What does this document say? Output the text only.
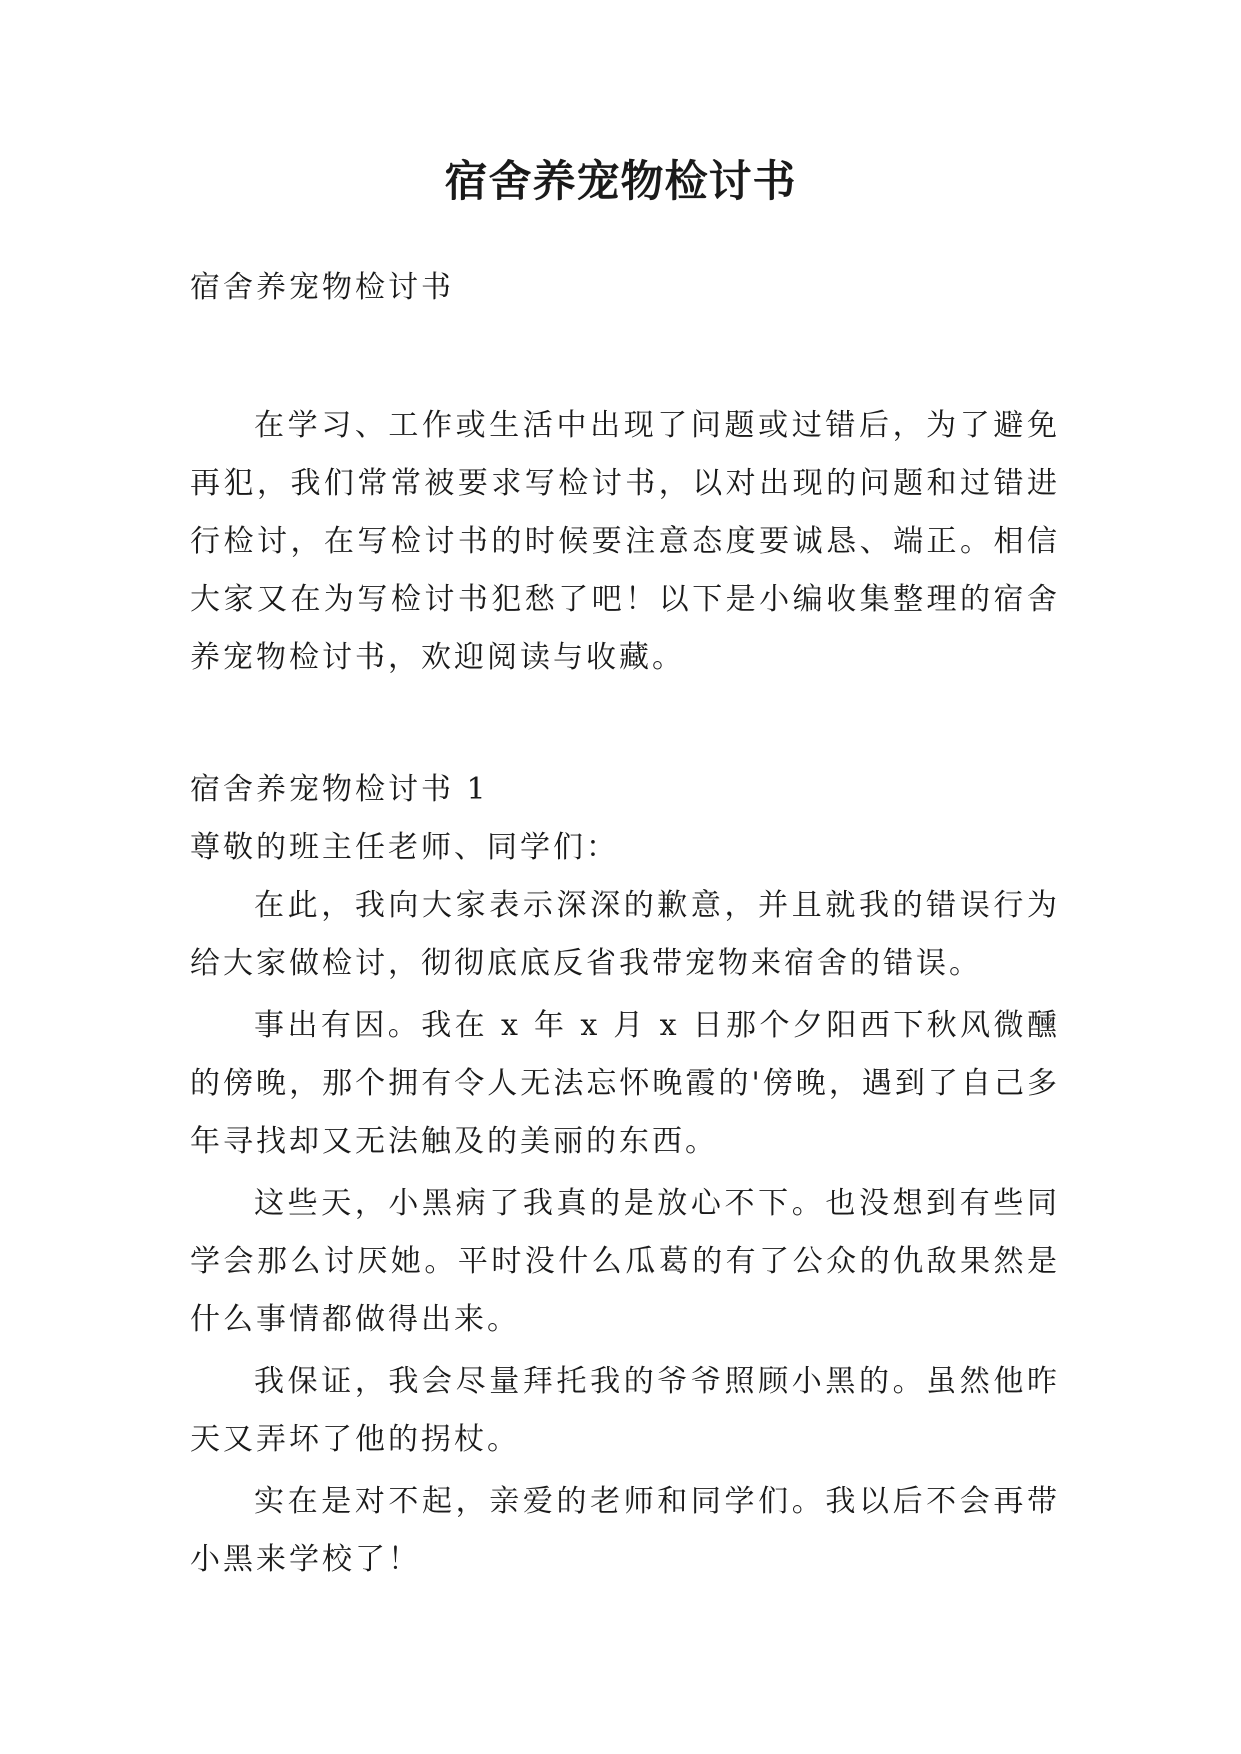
宿舍养宠物检讨书

宿舍养宠物检讨书

在学习、工作或生活中出现了问题或过错后，为了避免再犯，我们常常被要求写检讨书，以对出现的问题和过错进行检讨，在写检讨书的时候要注意态度要诚恳、端正。相信大家又在为写检讨书犯愁了吧！以下是小编收集整理的宿舍养宠物检讨书，欢迎阅读与收藏。

宿舍养宠物检讨书 1

尊敬的班主任老师、同学们：

在此，我向大家表示深深的歉意，并且就我的错误行为给大家做检讨，彻彻底底反省我带宠物来宿舍的错误。

事出有因。我在 x 年 x 月 x 日那个夕阳西下秋风微醺的傍晚，那个拥有令人无法忘怀晚霞的'傍晚，遇到了自己多年寻找却又无法触及的美丽的东西。

这些天，小黑病了我真的是放心不下。也没想到有些同学会那么讨厌她。平时没什么瓜葛的有了公众的仇敌果然是什么事情都做得出来。

我保证，我会尽量拜托我的爷爷照顾小黑的。虽然他昨天又弄坏了他的拐杖。

实在是对不起，亲爱的老师和同学们。我以后不会再带小黑来学校了！
